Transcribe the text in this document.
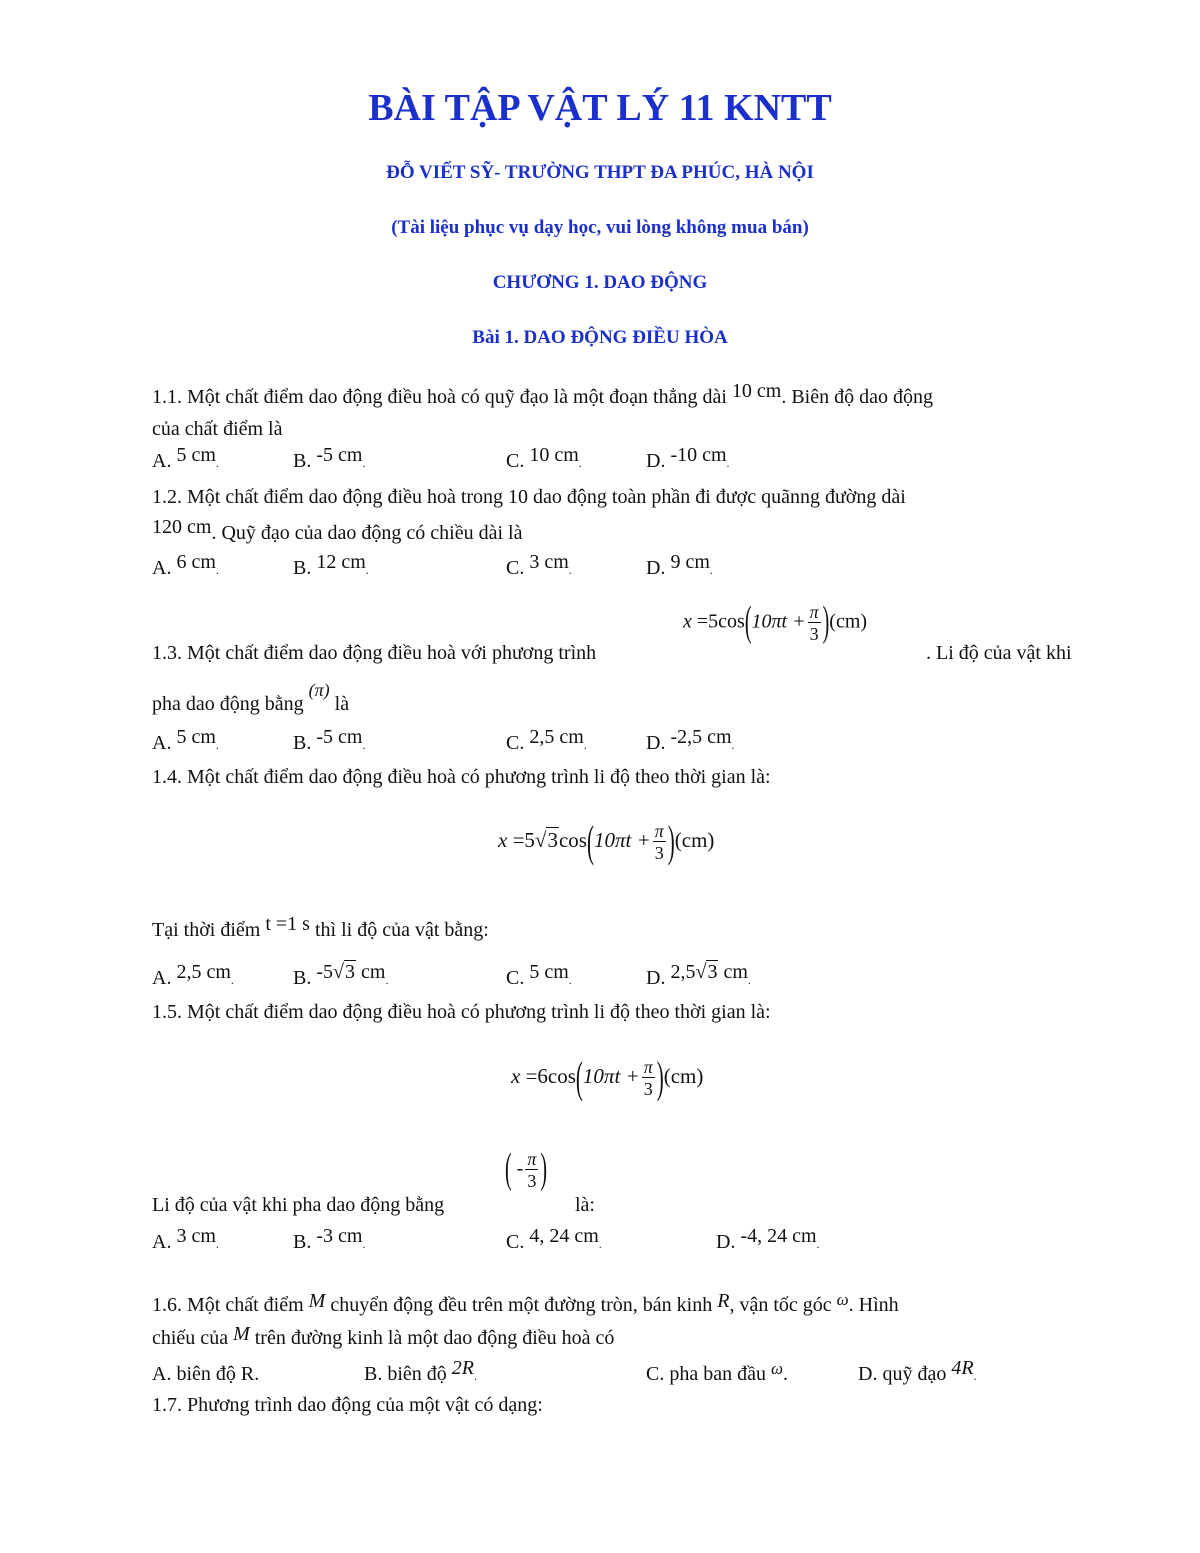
BÀI TẬP VẬT LÝ 11 KNTT
ĐỖ VIẾT SỸ- TRƯỜNG THPT ĐA PHÚC, HÀ NỘI
(Tài liệu phục vụ dạy học, vui lòng không mua bán)
CHƯƠNG 1. DAO ĐỘNG
Bài 1. DAO ĐỘNG ĐIỀU HÒA
1.1. Một chất điểm dao động điều hoà có quỹ đạo là một đoạn thẳng dài 10 cm. Biên độ dao động
của chất điểm là
A. 5 cm.	B. -5 cm.	C. 10 cm.	D. -10 cm.
1.2. Một chất điểm dao động điều hoà trong 10 dao động toàn phần đi được quãnng đường dài
120 cm. Quỹ đạo của dao động có chiều dài là
A. 6 cm.	B. 12 cm.	C. 3 cm.	D. 9 cm.
$x =5\cos(10\pi t + \frac{\pi}{3} )(cm)$
1.3. Một chất điểm dao động điều hoà với phương trình	. Li độ của vật khi
pha dao động bằng (π) là
A. 5 cm.	B. -5 cm.	C. 2,5 cm.	D. -2,5 cm.
1.4. Một chất điểm dao động điều hoà có phương trình li độ theo thời gian là:
$x =5√3\cos(10\pi t + \frac{\pi}{3} )(cm)$
Tại thời điểm t =1 s thì li độ của vật bằng:
A. 2,5 cm.	B. -5√3 cm.	C. 5 cm.	D. 2,5√3 cm.
1.5. Một chất điểm dao động điều hoà có phương trình li độ theo thời gian là:
$x =6\cos(10\pi t + \frac{\pi}{3} )(cm)$
( - $\frac{\pi}{3}$ )
Li độ của vật khi pha dao động bằng	là:
A. 3 cm.	B. -3 cm.	C. 4, 24 cm.	D. -4, 24 cm.
1.6. Một chất điểm M chuyển động đều trên một đường tròn, bán kinh R, vận tốc góc $^\omega$. Hình
chiếu của M trên đường kinh là một dao động điều hoà có
A. biên độ R.	B. biên độ 2R.	C. pha ban đầu $^\omega$.	D. quỹ đạo 4R.
1.7. Phương trình dao động của một vật có dạng:
